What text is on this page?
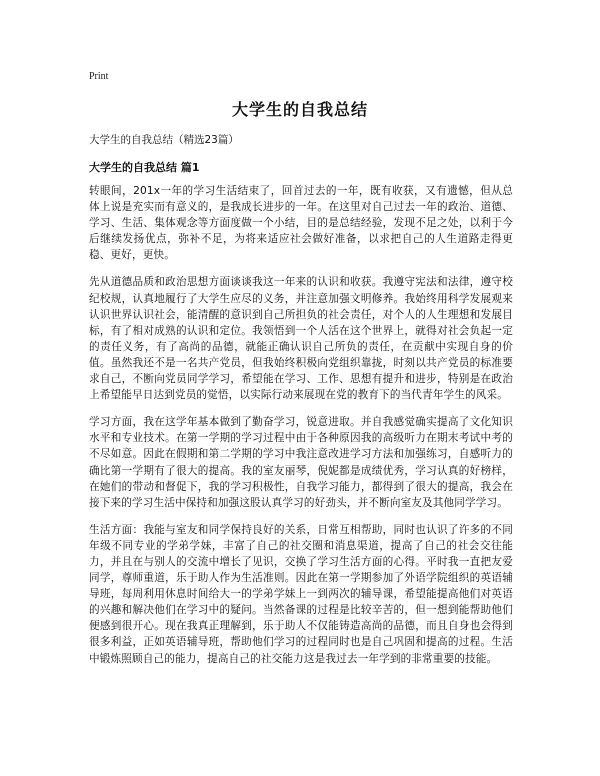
Print
大学生的自我总结
大学生的自我总结（精选23篇）
大学生的自我总结 篇1

转眼间，201x一年的学习生活结束了，回首过去的一年，既有收获，又有遗憾，但从总体上说是充实而有意义的，是我成长进步的一年。在这里对自己过去一年的政治、道德、学习、生活、集体观念等方面度做一个小结，目的是总结经验，发现不足之处，以利于今后继续发扬优点，弥补不足，为将来适应社会做好准备，以求把自己的人生道路走得更稳、更好，更快。

先从道德品质和政治思想方面谈谈我这一年来的认识和收获。我遵守宪法和法律，遵守校纪校规，认真地履行了大学生应尽的义务，并注意加强文明修养。我始终用科学发展观来认识世界认识社会，能清醒的意识到自己所担负的社会责任，对个人的人生理想和发展目标，有了相对成熟的认识和定位。我领悟到一个人活在这个世界上，就得对社会负起一定的责任义务，有了高尚的品德，就能正确认识自己所负的责任，在贡献中实现自身的价值。虽然我还不是一名共产党员，但我始终积极向党组织靠拢，时刻以共产党员的标准要求自己，不断向党员同学学习，希望能在学习、工作、思想有提升和进步，特别是在政治上希望能早日达到党员的觉悟，以实际行动来展现在党的教育下的当代青年学生的风采。

学习方面，我在这学年基本做到了勤奋学习，锐意进取。并自我感觉确实提高了文化知识水平和专业技术。在第一学期的学习过程中由于各种原因我的高级听力在期末考试中考的不尽如意。因此在假期和第二学期的学习中我注意改进学习方法和加强练习，自感听力的确比第一学期有了很大的提高。我的室友丽琴，倪妮都是成绩优秀，学习认真的好榜样，在她们的带动和督促下，我的学习积极性，自我学习能力，都得到了很大的提高，我会在接下来的学习生活中保持和加强这股认真学习的好劲头，并不断向室友及其他同学学习。

生活方面：我能与室友和同学保持良好的关系，日常互相帮助，同时也认识了许多的不同年级不同专业的学弟学妹，丰富了自己的社交圈和消息渠道，提高了自己的社会交往能力，并且在与别人的交流中增长了见识，交换了学习生活方面的心得。平时我一直把友爱同学，尊师重道，乐于助人作为生活准则。因此在第一学期参加了外语学院组织的英语辅导班，每周利用休息时间给大一的学弟学妹上一到两次的辅导课，希望能提高他们对英语的兴趣和解决他们在学习中的疑问。当然备课的过程是比较辛苦的，但一想到能帮助他们便感到很开心。现在我真正理解到，乐于助人不仅能铸造高尚的品德，而且自身也会得到很多利益，正如英语辅导班，帮助他们学习的过程同时也是自己巩固和提高的过程。生活中锻炼照顾自己的能力，提高自己的社交能力这是我过去一年学到的非常重要的技能。
